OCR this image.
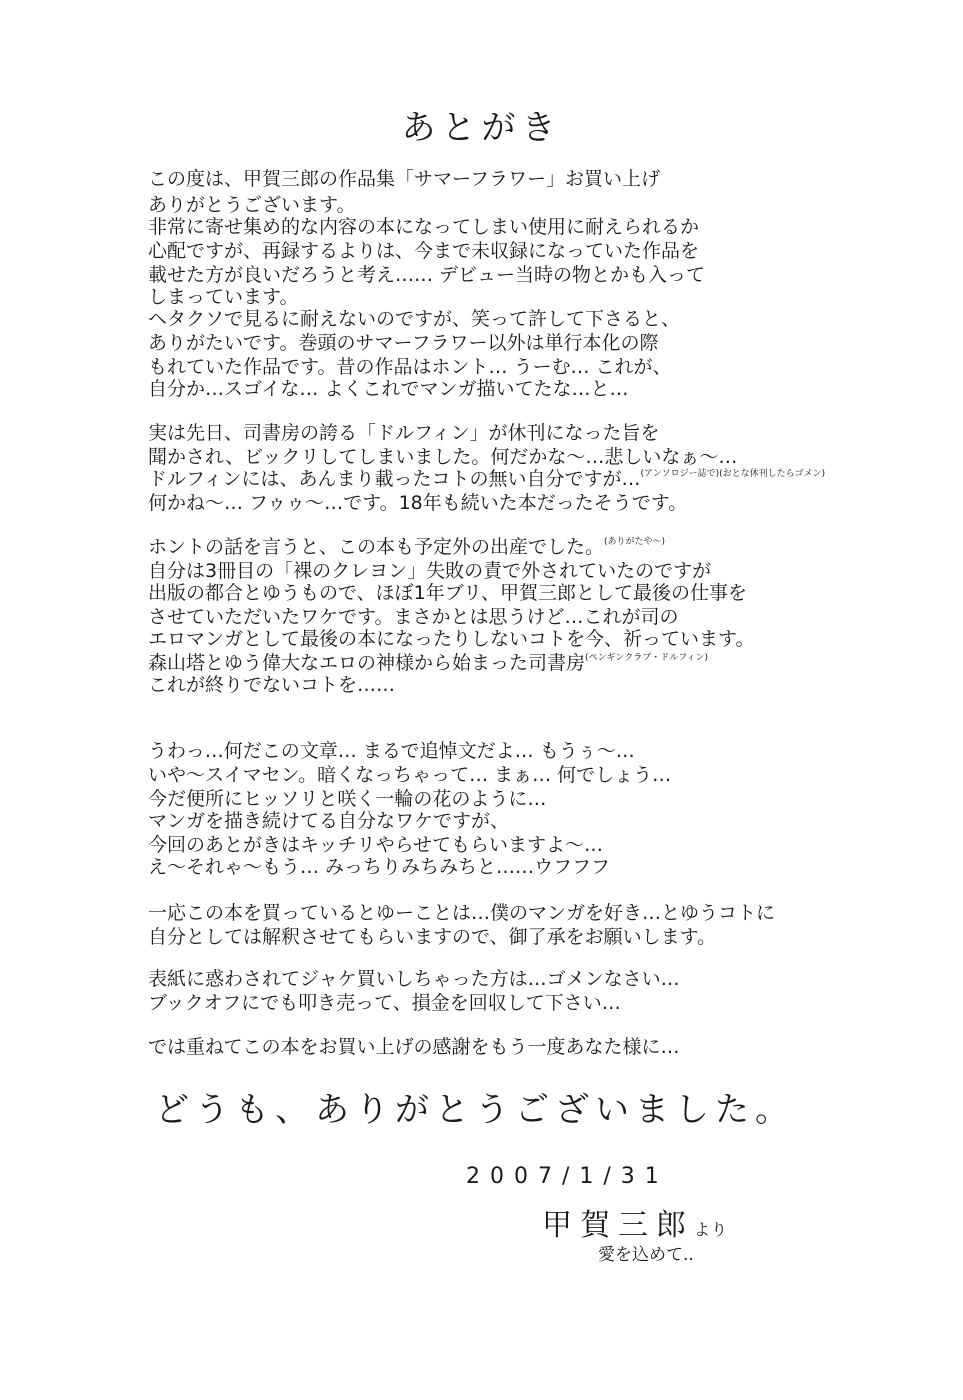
あとがき
この度は、甲賀三郎の作品集「サマーフラワー」お買い上げ
ありがとうございます。
非常に寄せ集め的な内容の本になってしまい使用に耐えられるか
心配ですが、再録するよりは、今まで未収録になっていた作品を
載せた方が良いだろうと考え…… デビュー当時の物とかも入って
しまっています。
ヘタクソで見るに耐えないのですが、笑って許して下さると、
ありがたいです。巻頭のサマーフラワー以外は単行本化の際
もれていた作品です。昔の作品はホント… うーむ… これが、
自分か…スゴイな… よくこれでマンガ描いてたな…と…
実は先日、司書房の誇る「ドルフィン」が休刊になった旨を
聞かされ、ビックリしてしまいました。何だかな〜…悲しいなぁ〜…
ドルフィンには、あんまり載ったコトの無い自分ですが…$^{(アンソロジー誌で)(おとな休刊したらゴメン)}$
何かね〜… フゥゥ〜…です。18年も続いた本だったそうです。
ホントの話を言うと、この本も予定外の出産でした。$^{(ありがたや〜)}$
自分は3冊目の「裸のクレヨン」失敗の責で外されていたのですが
出版の都合とゆうもので、ほぼ1年ブリ、甲賀三郎として最後の仕事を
させていただいたワケです。まさかとは思うけど…これが司の
エロマンガとして最後の本になったりしないコトを今、祈っています。
森山塔とゆう偉大なエロの神様から始まった司書房$^{(ペンギンクラブ・ドルフィン)}$
これが終りでないコトを……
うわっ…何だこの文章… まるで追悼文だよ… もうぅ〜…
いや〜スイマセン。暗くなっちゃって… まぁ… 何でしょう…
今だ便所にヒッソリと咲く一輪の花のように…
マンガを描き続けてる自分なワケですが、
今回のあとがきはキッチリやらせてもらいますよ〜…
え〜それゃ〜もう… みっちりみちみちと……ウフフフ
一応この本を買っているとゆーことは…僕のマンガを好き…とゆうコトに
自分としては解釈させてもらいますので、御了承をお願いします。
表紙に惑わされてジャケ買いしちゃった方は…ゴメンなさい…
ブックオフにでも叩き売って、損金を回収して下さい…
では重ねてこの本をお買い上げの感謝をもう一度あなた様に…
どうも、ありがとうございました。
2007/1/31
甲賀三郎より
愛を込めて..
